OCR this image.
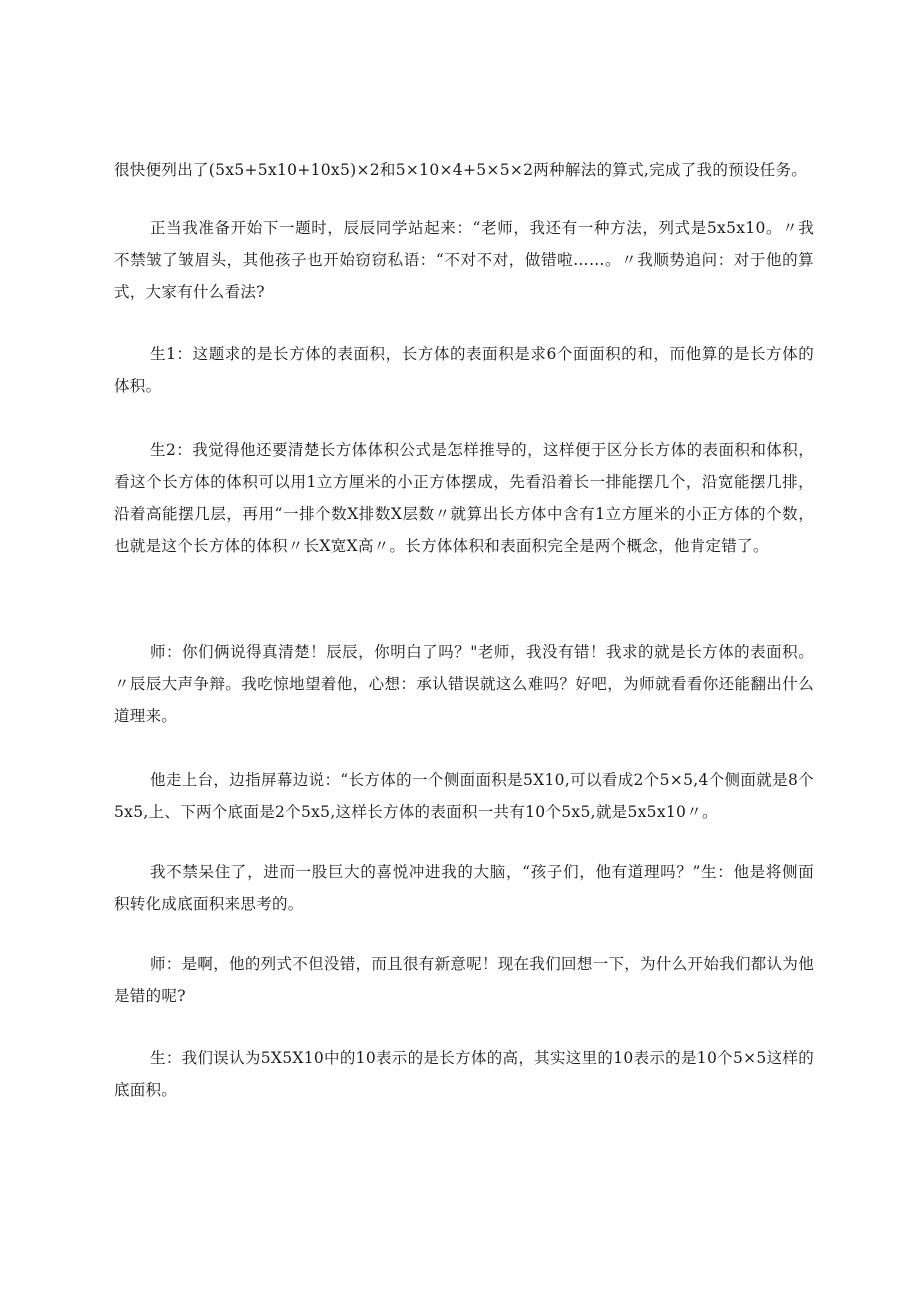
很快便列出了(5x5+5x10+10x5)×2和5×10×4+5×5×2两种解法的算式,完成了我的预设任务。

正当我准备开始下一题时，辰辰同学站起来：“老师，我还有一种方法，列式是5x5x10。〃我不禁皱了皱眉头，其他孩子也开始窃窃私语：“不对不对，做错啦……。〃我顺势追问：对于他的算式，大家有什么看法?

生1：这题求的是长方体的表面积，长方体的表面积是求6个面面积的和，而他算的是长方体的体积。

生2：我觉得他还要清楚长方体体积公式是怎样推导的，这样便于区分长方体的表面积和体积，看这个长方体的体积可以用1立方厘米的小正方体摆成，先看沿着长一排能摆几个，沿宽能摆几排，沿着高能摆几层，再用“一排个数X排数X层数〃就算出长方体中含有1立方厘米的小正方体的个数，也就是这个长方体的体积〃长X宽X高〃。长方体体积和表面积完全是两个概念，他肯定错了。

师：你们俩说得真清楚！辰辰，你明白了吗？"老师，我没有错！我求的就是长方体的表面积。〃辰辰大声争辩。我吃惊地望着他，心想：承认错误就这么难吗？好吧，为师就看看你还能翻出什么道理来。

他走上台，边指屏幕边说：“长方体的一个侧面面积是5X10,可以看成2个5×5,4个侧面就是8个5x5,上、下两个底面是2个5x5,这样长方体的表面积一共有10个5x5,就是5x5x10〃。

我不禁呆住了，进而一股巨大的喜悦冲进我的大脑，“孩子们，他有道理吗？”生：他是将侧面积转化成底面积来思考的。

师：是啊，他的列式不但没错，而且很有新意呢！现在我们回想一下，为什么开始我们都认为他是错的呢?

生：我们误认为5X5X10中的10表示的是长方体的高，其实这里的10表示的是10个5×5这样的底面积。
